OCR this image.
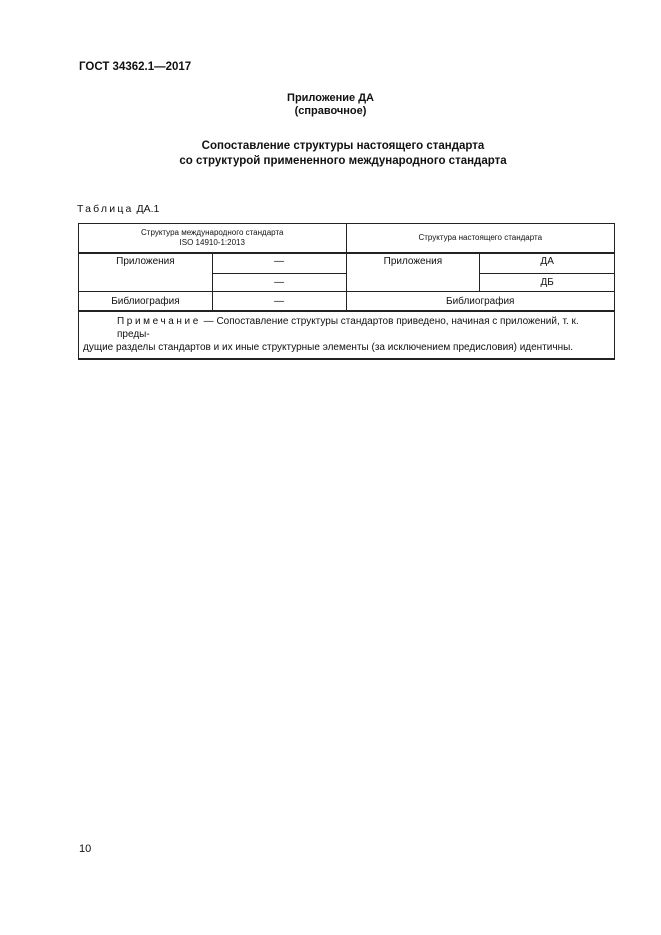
ГОСТ 34362.1—2017
Приложение ДА
(справочное)
Сопоставление структуры настоящего стандарта
со структурой примененного международного стандарта
Таблица ДА.1
Структура международного стандарта
ISO 14910-1:2013		Структура настоящего стандарта	
Приложения	—	Приложения	ДА
	—		ДБ
Библиография	—	Библиография	

Примечание — Сопоставление структуры стандартов приведено, начиная с приложений, т. к. преды-
дущие разделы стандартов и их иные структурные элементы (за исключением предисловия) идентичны.			
10
